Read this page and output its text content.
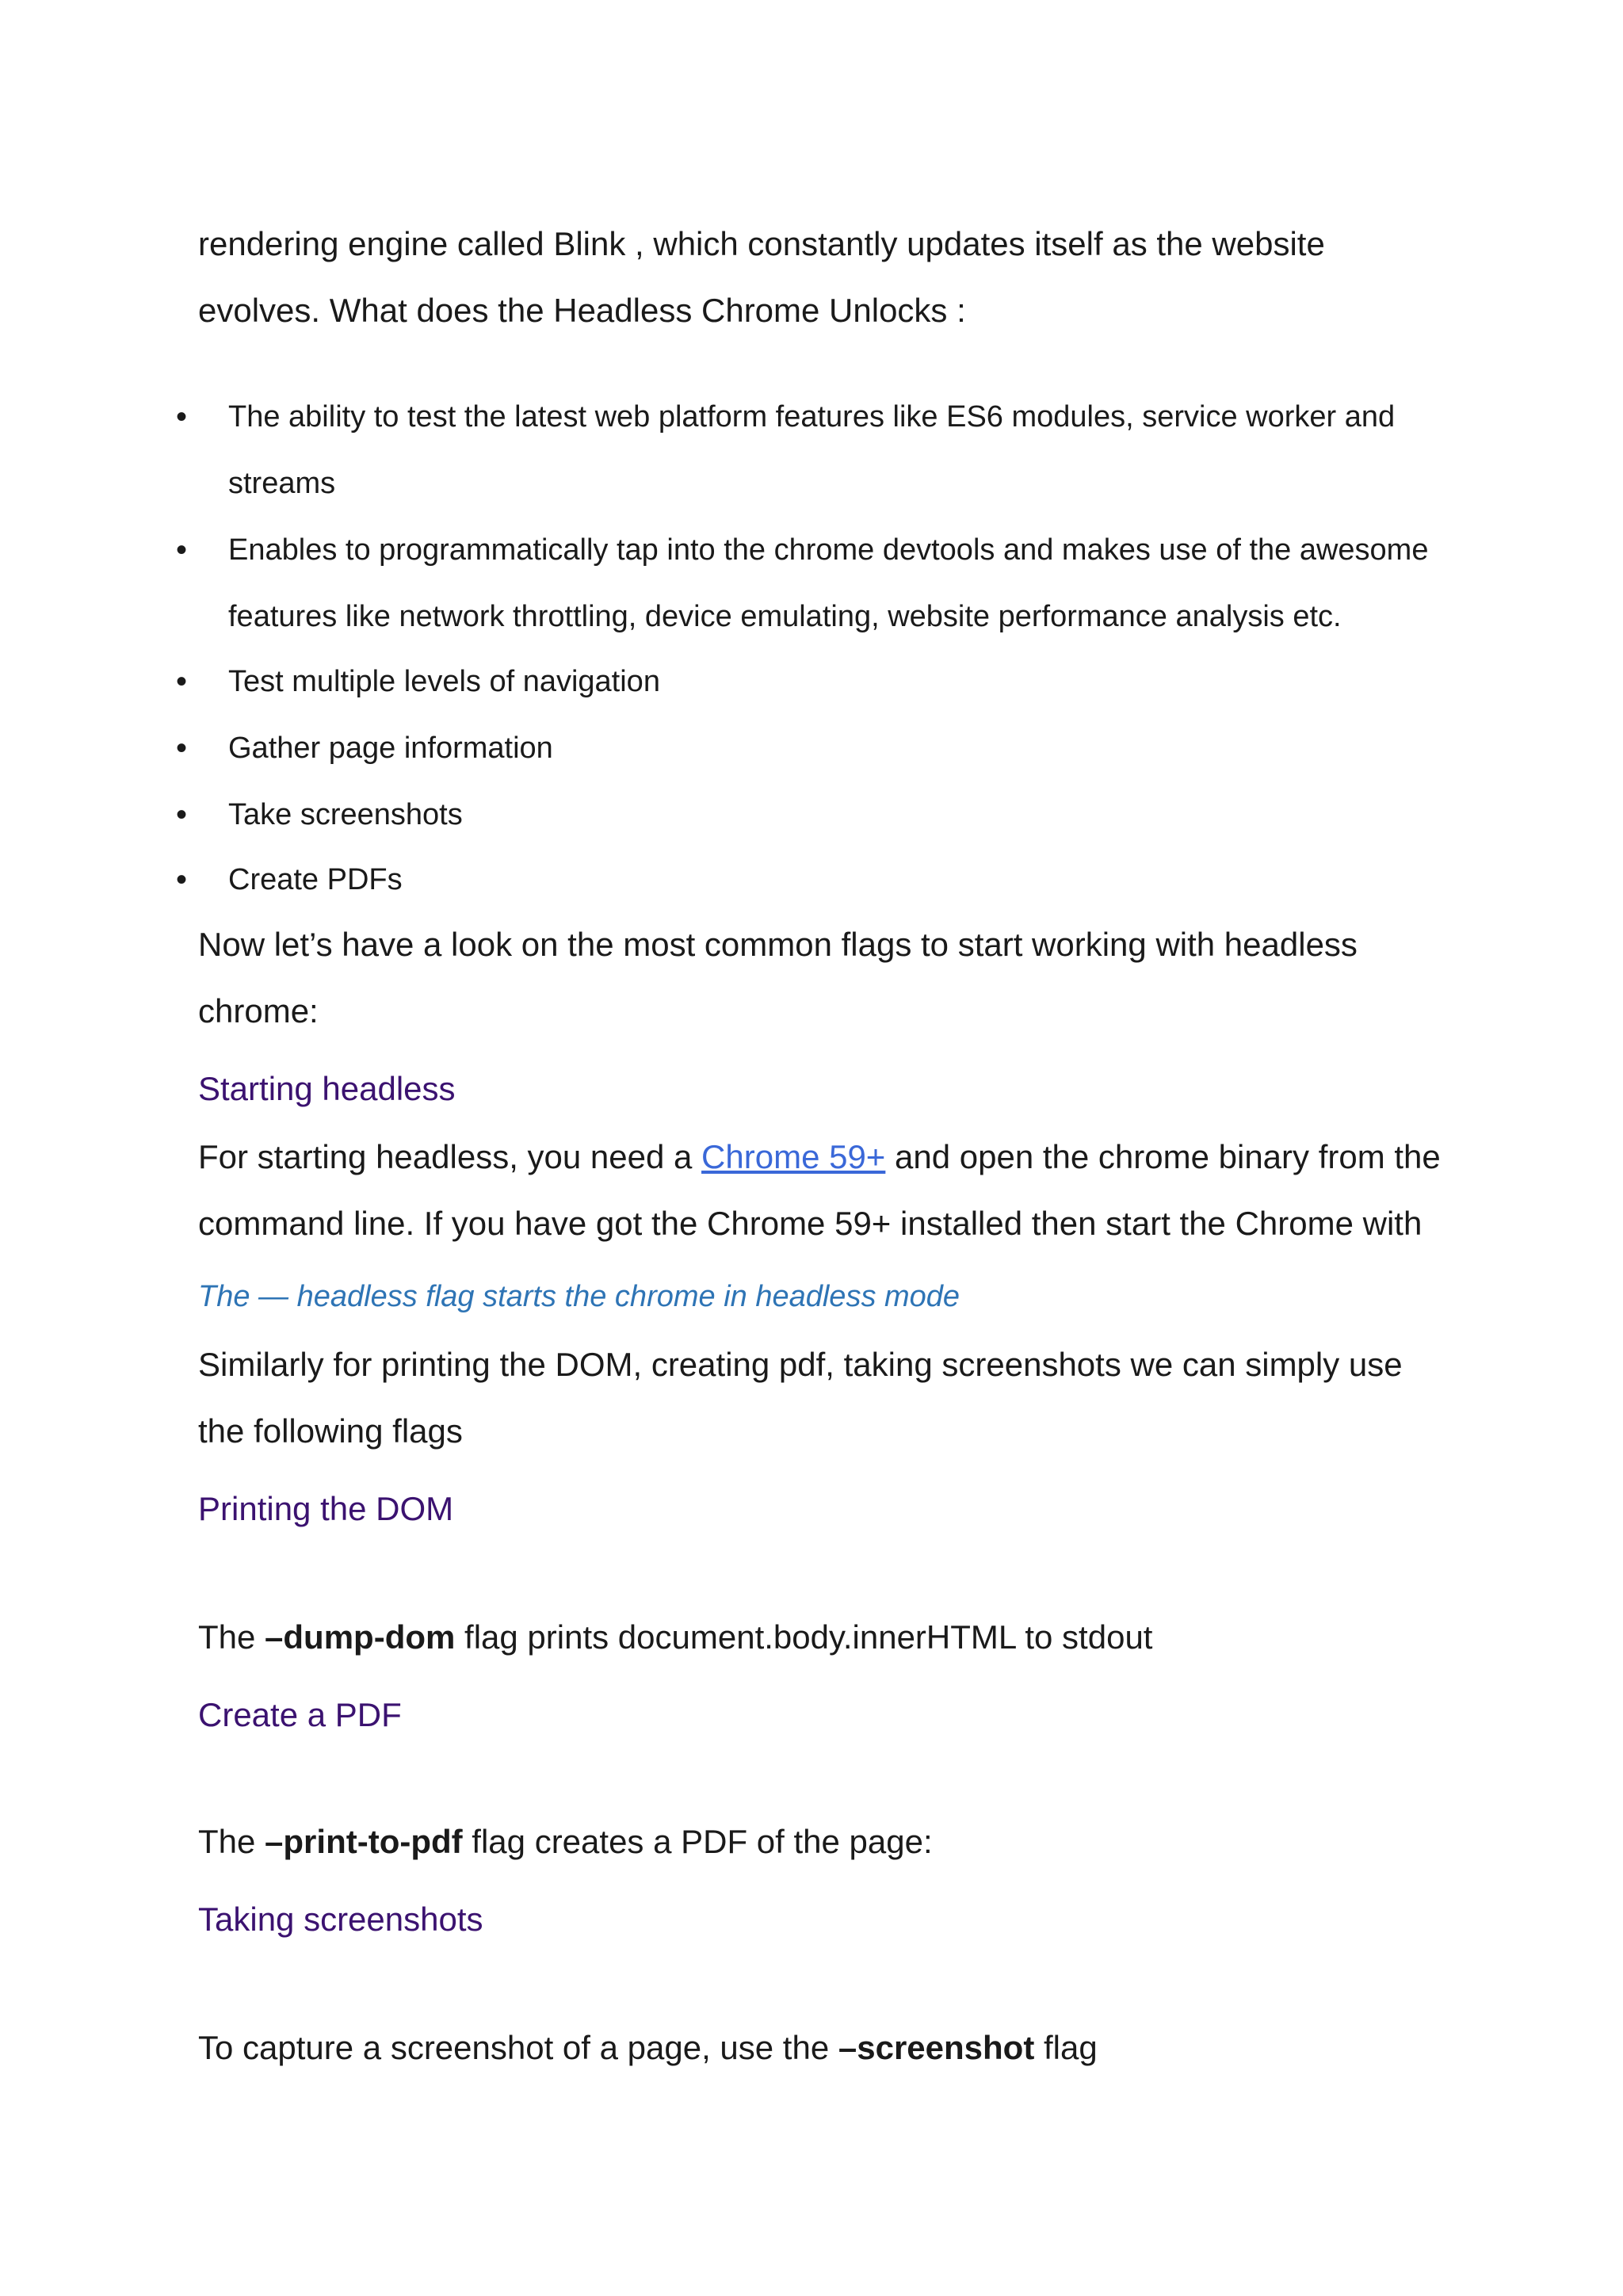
rendering engine called Blink , which constantly updates itself as the website
evolves. What does the Headless Chrome Unlocks :
• The ability to test the latest web platform features like ES6 modules, service worker and
streams
• Enables to programmatically tap into the chrome devtools and makes use of the awesome
features like network throttling, device emulating, website performance analysis etc.
• Test multiple levels of navigation
• Gather page information
• Take screenshots
• Create PDFs
Now let’s have a look on the most common flags to start working with headless
chrome:
Starting headless
For starting headless, you need a Chrome 59+ and open the chrome binary from the
command line. If you have got the Chrome 59+ installed then start the Chrome with
The — headless flag starts the chrome in headless mode
Similarly for printing the DOM, creating pdf, taking screenshots we can simply use
the following flags
Printing the DOM
The –dump-dom flag prints document.body.innerHTML to stdout
Create a PDF
The –print-to-pdf flag creates a PDF of the page:
Taking screenshots
To capture a screenshot of a page, use the –screenshot flag
